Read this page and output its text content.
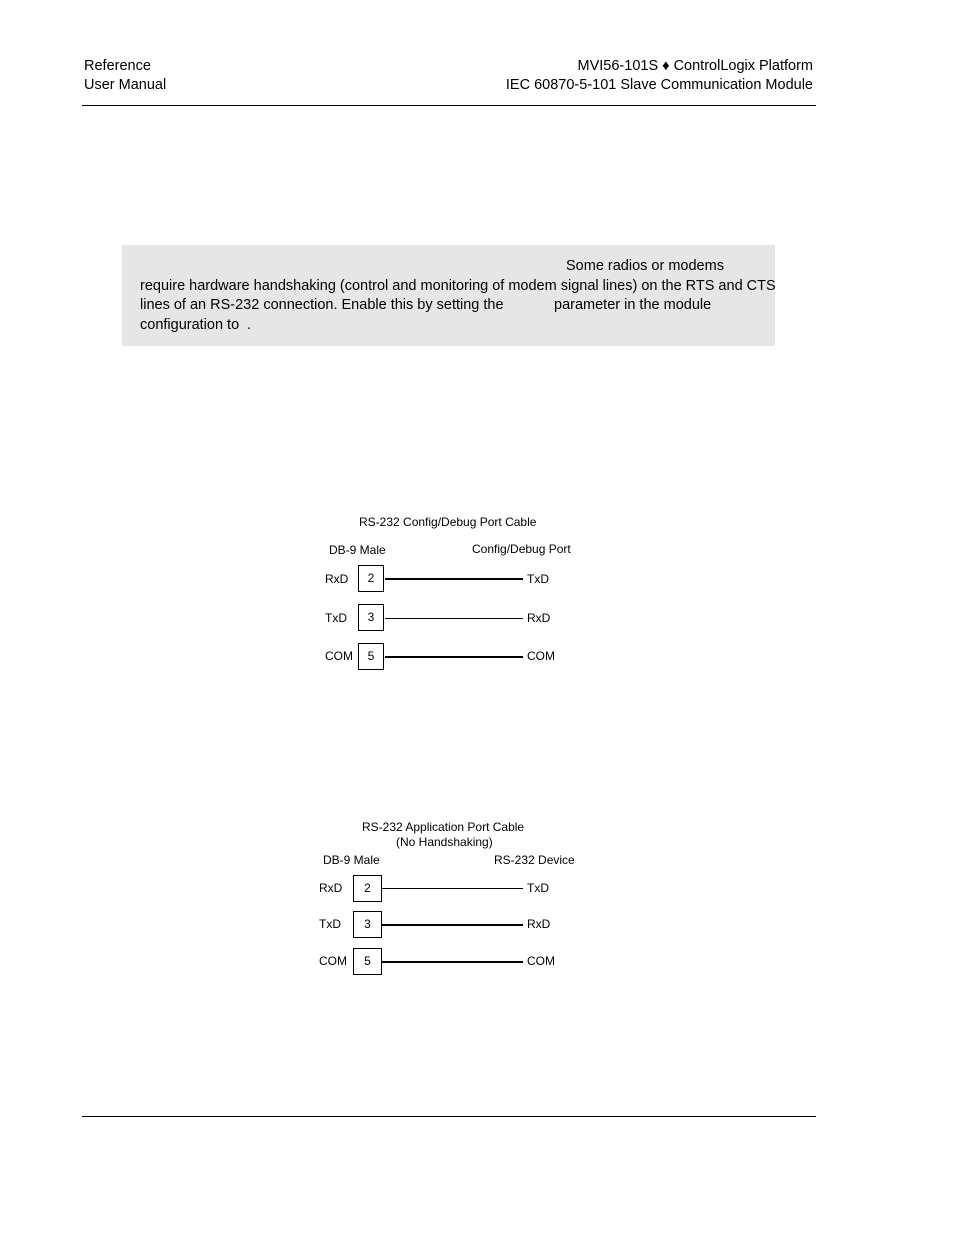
Reference
User Manual
MVI56-101S ♦ ControlLogix Platform
IEC 60870-5-101 Slave Communication Module
Some radios or modems
require hardware handshaking (control and monitoring of modem signal lines) on the RTS and CTS
lines of an RS-232 connection. Enable this by setting the	parameter in the module
configuration to .
RS-232 Config/Debug Port Cable
DB-9 Male	Config/Debug Port
RxD	2	TxD
TxD	3	RxD
COM	5	COM
RS-232 Application Port Cable
(No Handshaking)
DB-9 Male	RS-232 Device
RxD	2	TxD
TxD	3	RxD
COM	5	COM
